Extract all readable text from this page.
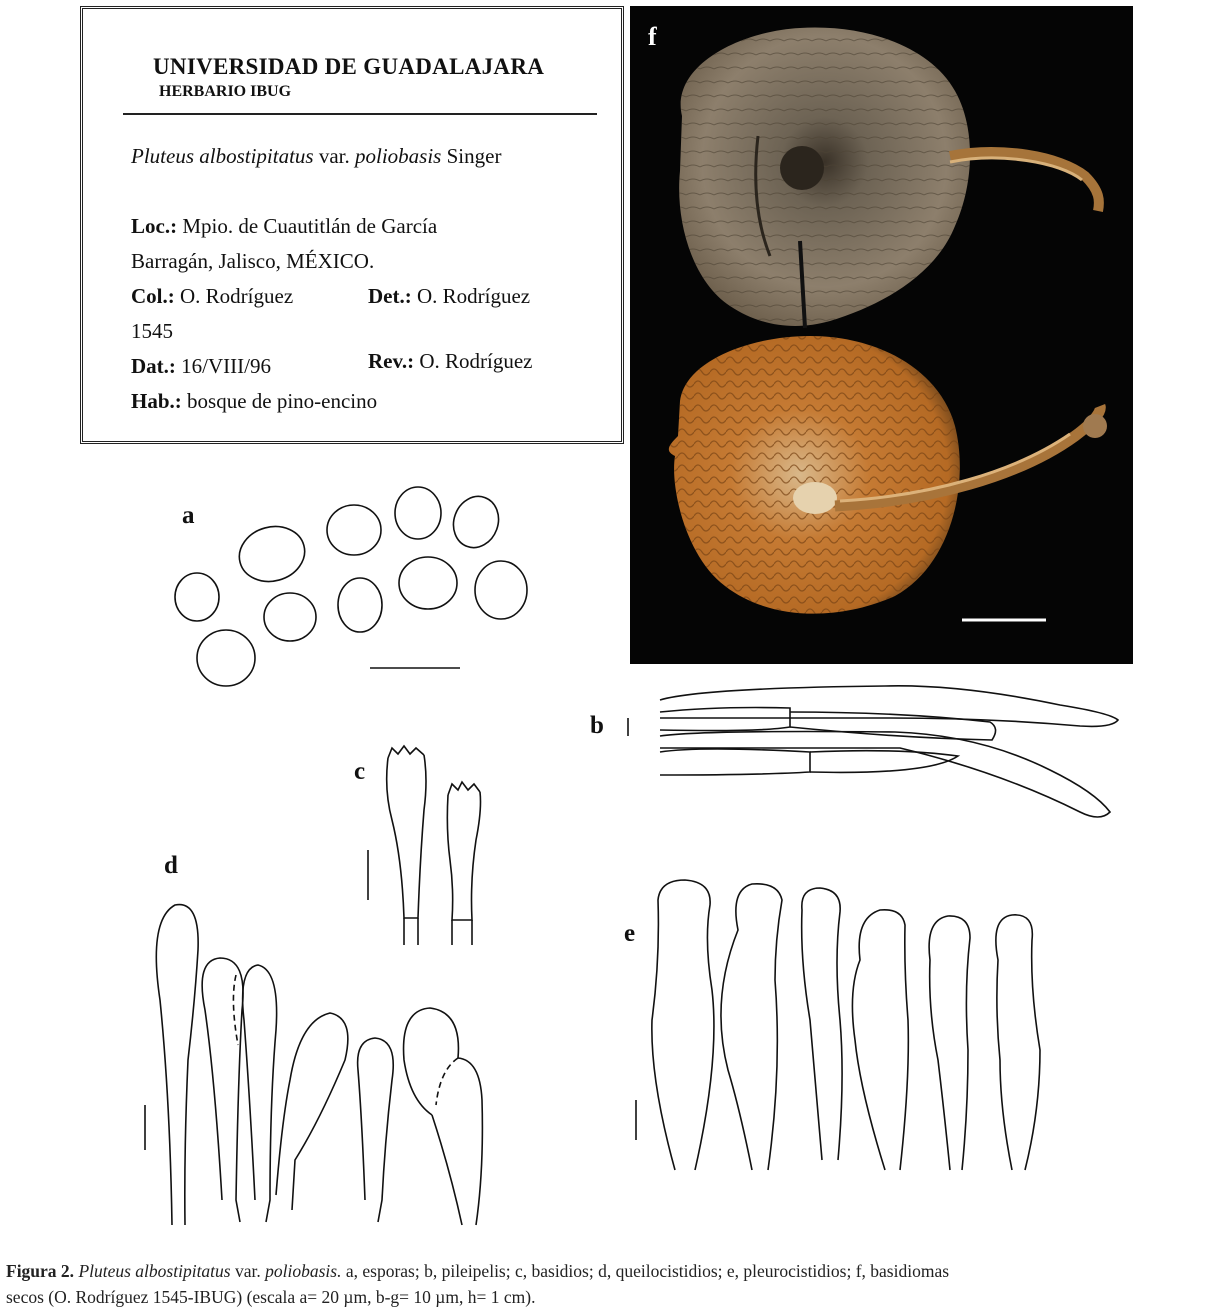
UNIVERSIDAD DE GUADALAJARA
HERBARIO IBUG
Pluteus albostipitatus var. poliobasis Singer
Loc.: Mpio. de Cuautitlán de García
Barragán, Jalisco, MÉXICO.
Col.: O. Rodríguez	Det.: O. Rodríguez
1545
Dat.: 16/VIII/96	Rev.: O. Rodríguez
Hab.: bosque de pino-encino
f
a
b
c
d
e
Figura 2. Pluteus albostipitatus var. poliobasis. a, esporas; b, pileipelis; c, basidios; d, queilocistidios; e, pleurocistidios; f, basidiomas
secos (O. Rodríguez 1545-IBUG) (escala a= 20 µm, b-g= 10 µm, h= 1 cm).
